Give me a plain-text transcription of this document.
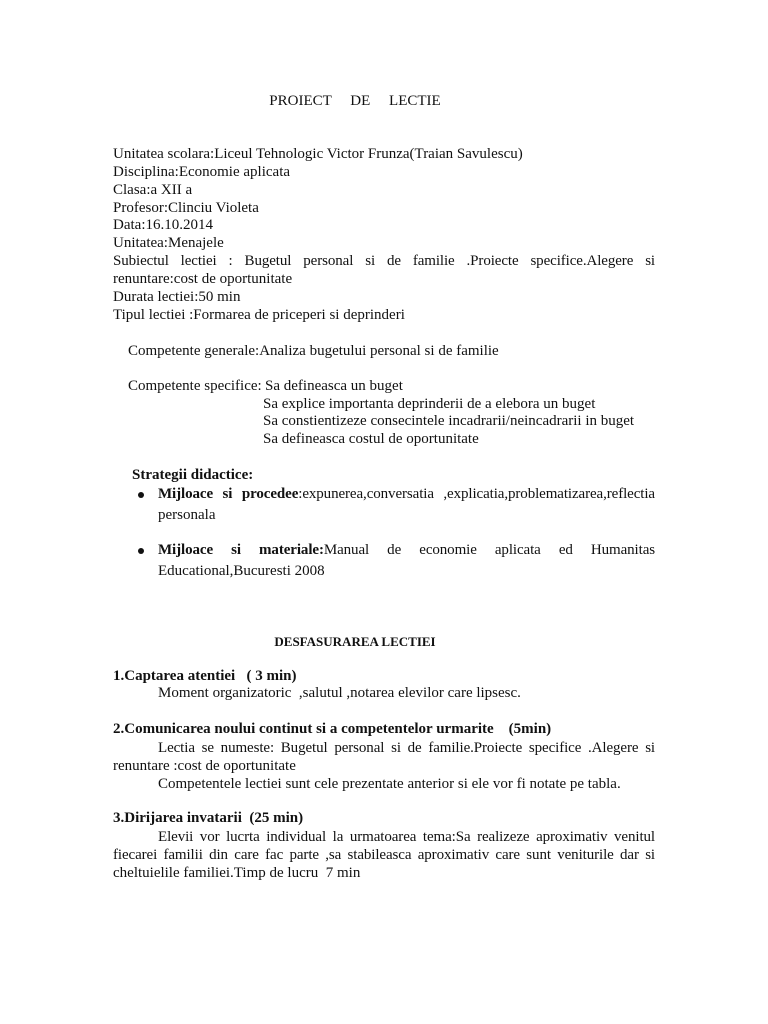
PROIECT     DE     LECTIE
Unitatea scolara:Liceul Tehnologic Victor Frunza(Traian Savulescu)
Disciplina:Economie aplicata
Clasa:a XII a
Profesor:Clinciu Violeta
Data:16.10.2014
Unitatea:Menajele
Subiectul lectiei : Bugetul personal si de familie .Proiecte specifice.Alegere si
renuntare:cost de oportunitate
Durata lectiei:50 min
Tipul lectiei :Formarea de priceperi si deprinderi
Competente generale:Analiza bugetului personal si de familie
Competente specifice: Sa defineasca un buget
Sa explice importanta deprinderii de a elebora un buget
Sa constientizeze consecintele incadrarii/neincadrarii in buget
Sa defineasca costul de oportunitate
Strategii didactice:
Mijloace si procedee:expunerea,conversatia ,explicatia,problematizarea,reflectia
personala
Mijloace si materiale:Manual de economie aplicata ed Humanitas
Educational,Bucuresti 2008
DESFASURAREA LECTIEI
1.Captarea atentiei   ( 3 min)
Moment organizatoric  ,salutul ,notarea elevilor care lipsesc.
2.Comunicarea noului continut si a competentelor urmarite    (5min)
Lectia se numeste: Bugetul personal si de familie.Proiecte specifice .Alegere si
renuntare :cost de oportunitate
Competentele lectiei sunt cele prezentate anterior si ele vor fi notate pe tabla.
3.Dirijarea invatarii  (25 min)
Elevii vor lucrta individual la urmatoarea tema:Sa realizeze aproximativ venitul
fiecarei familii din care fac parte ,sa stabileasca aproximativ care sunt veniturile dar si
cheltuielile familiei.Timp de lucru  7 min
